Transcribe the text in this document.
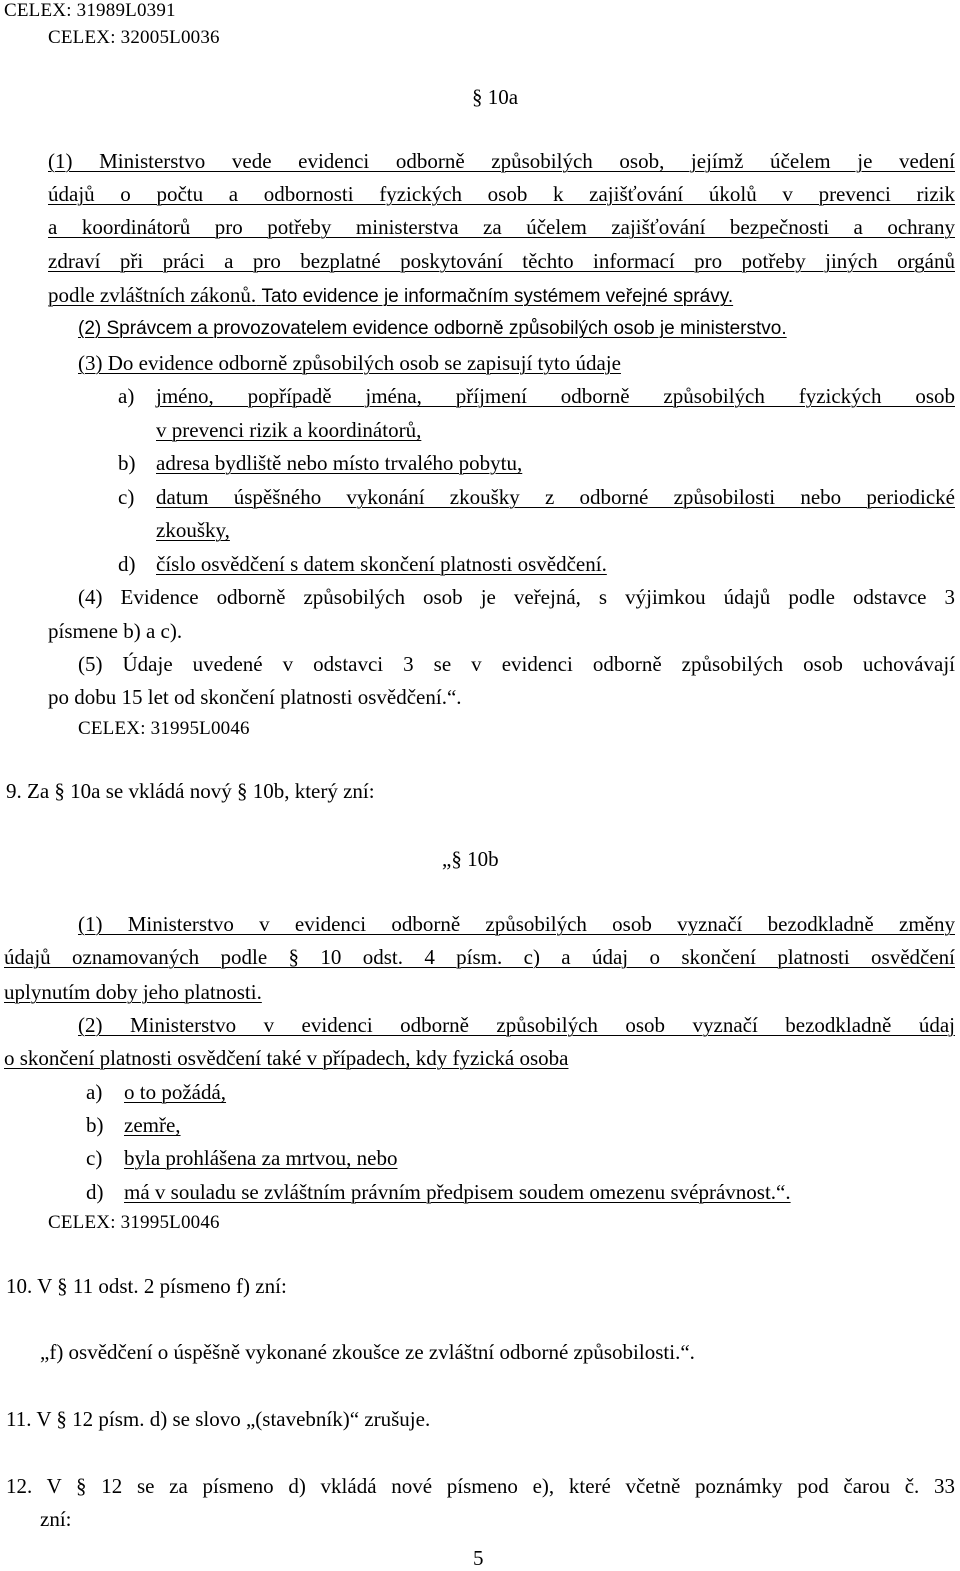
CELEX: 31989L0391
CELEX: 32005L0036
§ 10a
(1) Ministerstvo vede evidenci odborně způsobilých osob, jejímž účelem je vedení
údajů o počtu a odbornosti fyzických osob k zajišťování úkolů v prevenci rizik
a koordinátorů pro potřeby ministerstva za účelem zajišťování bezpečnosti a ochrany
zdraví při práci a pro bezplatné poskytování těchto informací pro potřeby jiných orgánů
podle zvláštních zákonů. Tato evidence je informačním systémem veřejné správy.
(2) Správcem a provozovatelem evidence odborně způsobilých osob je ministerstvo.
(3) Do evidence odborně způsobilých osob se zapisují tyto údaje
a) jméno, popřípadě jména, příjmení odborně způsobilých fyzických osob
v prevenci rizik a koordinátorů,
b) adresa bydliště nebo místo trvalého pobytu,
c) datum úspěšného vykonání zkoušky z odborné způsobilosti nebo periodické
zkoušky,
d) číslo osvědčení s datem skončení platnosti osvědčení.
(4) Evidence odborně způsobilých osob je veřejná, s výjimkou údajů podle odstavce 3
písmene b) a c).
(5) Údaje uvedené v odstavci 3 se v evidenci odborně způsobilých osob uchovávají
po dobu 15 let od skončení platnosti osvědčení.“.
CELEX: 31995L0046
9. Za § 10a se vkládá nový § 10b, který zní:
„§ 10b
(1) Ministerstvo v evidenci odborně způsobilých osob vyznačí bezodkladně změny
údajů oznamovaných podle § 10 odst. 4 písm. c) a údaj o skončení platnosti osvědčení
uplynutím doby jeho platnosti.
(2) Ministerstvo v evidenci odborně způsobilých osob vyznačí bezodkladně údaj
o skončení platnosti osvědčení také v případech, kdy fyzická osoba
a) o to požádá,
b) zemře,
c) byla prohlášena za mrtvou, nebo
d) má v souladu se zvláštním právním předpisem soudem omezenu svéprávnost.“.
CELEX: 31995L0046
10. V § 11 odst. 2 písmeno f) zní:
„f) osvědčení o úspěšně vykonané zkoušce ze zvláštní odborné způsobilosti.“.
11. V § 12 písm. d) se slovo „(stavebník)“ zrušuje.
12. V § 12 se za písmeno d) vkládá nové písmeno e), které včetně poznámky pod čarou č. 33
zní:
5
